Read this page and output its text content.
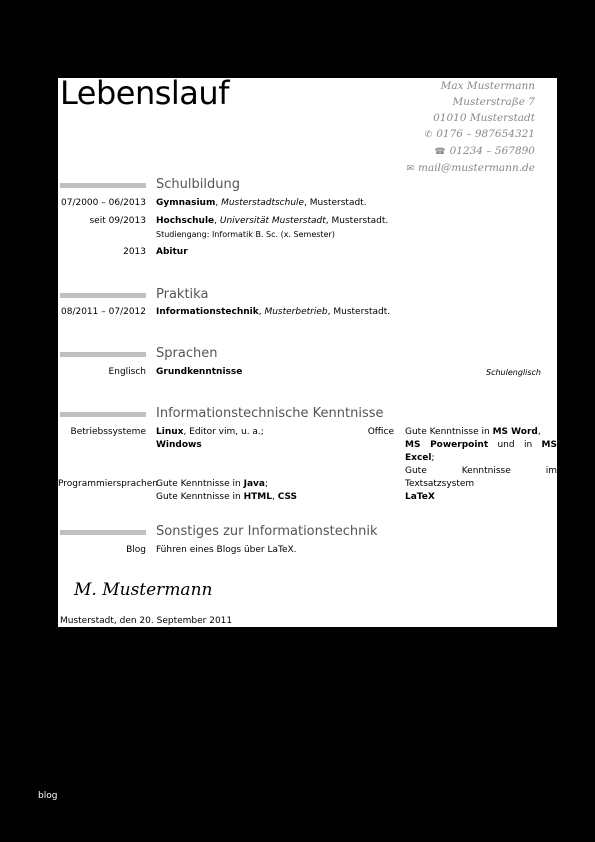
Lebenslauf	Max Mustermann
Musterstraße 7
01010 Musterstadt
✆ 0176 – 987654321
☎ 01234 – 567890
✉ mail@mustermann.de
Schulbildung
07/2000 – 06/2013 Gymnasium, Musterstadtschule, Musterstadt.
seit 09/2013 Hochschule, Universität Musterstadt, Musterstadt.
Studiengang: Informatik B. Sc. (x. Semester)
2013 Abitur
Praktika
08/2011 – 07/2012 Informationstechnik, Musterbetrieb, Musterstadt.
Sprachen
Englisch Grundkenntnisse	Schulenglisch
Informationstechnische Kenntnisse
Betriebssysteme Linux, Editor vim, u. a.;
Windows
Office Gute Kenntnisse in MS Word,
MS Powerpoint und in MS Excel;
Gute Kenntnisse im Textsatzsystem
LaTeX
Programmiersprachen
Gute Kenntnisse in Java;
Gute Kenntnisse in HTML, CSS
Sonstiges zur Informationstechnik
Blog Führen eines Blogs über LaTeX.
M. Mustermann
Musterstadt, den 20. September 2011
blog
